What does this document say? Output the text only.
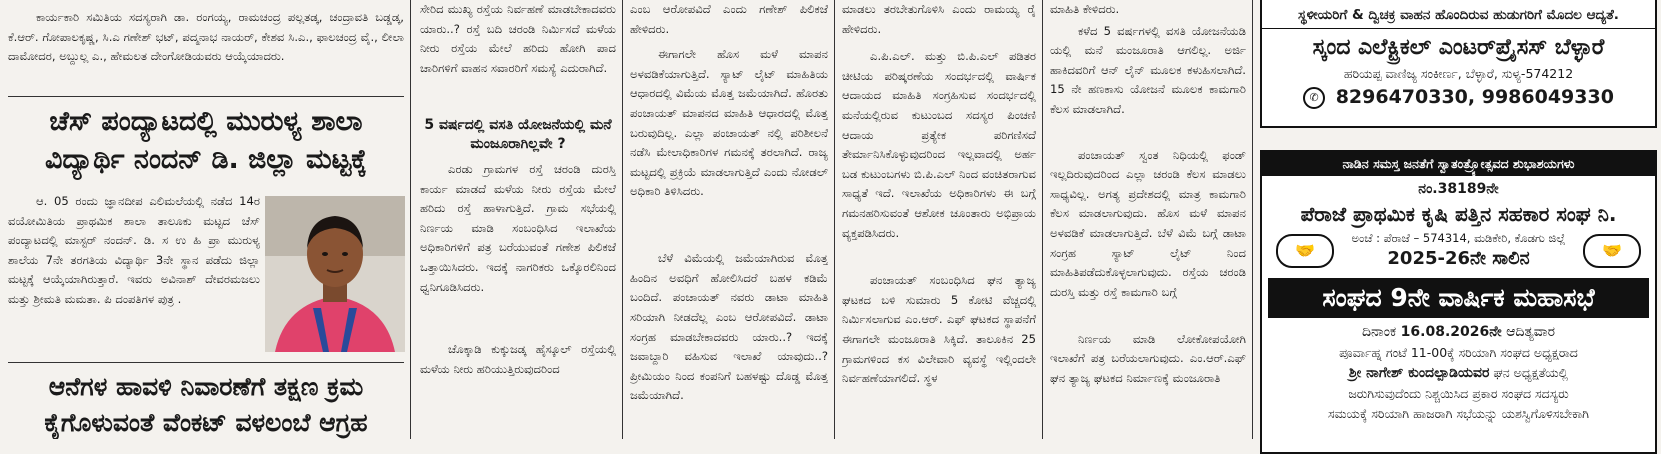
ಕಾರ್ಯಕಾರಿ ಸಮಿತಿಯ ಸದಸ್ಯರಾಗಿ ಡಾ. ರಂಗಯ್ಯ, ರಾಮಚಂದ್ರ ಪಲ್ಲತಡ್ಕ, ಚಂದ್ರಾವತಿ ಬಡ್ಡಡ್ಕ, ಕೆ.ಆರ್. ಗೋಪಾಲಕೃಷ್ಣ, ಸಿ.ಎ ಗಣೇಶ್ ಭಟ್, ಪದ್ಮನಾಭ ನಾಯರ್, ಕೇಶವ ಸಿ.ಎ., ಫಾಲಚಂದ್ರ ವೈ., ಲೀಲಾ ದಾಮೋದರ, ಅಬ್ದುಲ್ಲ ಎ., ಹೇಮಲತ ದೇಂಗೋಡಿಯವರು ಆಯ್ಕೆಯಾದರು.

ಚೆಸ್ ಪಂದ್ಯಾಟದಲ್ಲಿ ಮುರುಳ್ಯ ಶಾಲಾ

ವಿದ್ಯಾರ್ಥಿ ನಂದನ್ ಡಿ. ಜಿಲ್ಲಾ ಮಟ್ಟಕ್ಕೆ

ಆ. 05 ರಂದು ಜ್ಞಾನದೀಪ ಎಲಿಮಲೆಯಲ್ಲಿ ನಡೆದ 14ರ ವಯೋಮಿತಿಯ ಪ್ರಾಥಮಿಕ ಶಾಲಾ ತಾಲೂಕು ಮಟ್ಟದ ಚೆಸ್ ಪಂದ್ಯಾಟದಲ್ಲಿ ಮಾಸ್ಟರ್ ನಂದನ್. ಡಿ. ಸ ಉ ಹಿ ಪ್ರಾ ಮುರುಳ್ಯ ಶಾಲೆಯ 7ನೇ ತರಗತಿಯ ವಿದ್ಯಾರ್ಥಿ 3ನೇ ಸ್ಥಾನ ಪಡೆದು ಜಿಲ್ಲಾ ಮಟ್ಟಕ್ಕೆ ಆಯ್ಕೆಯಾಗಿರುತ್ತಾರೆ. ಇವರು ಅವಿನಾಶ್ ದೇವರಮಜಲು ಮತ್ತು ಶ್ರೀಮತಿ ಮಮತಾ. ಪಿ ದಂಪತಿಗಳ ಪುತ್ರ .

ಆನೆಗಳ ಹಾವಳಿ ನಿವಾರಣೆಗೆ ತಕ್ಷಣ ಕ್ರಮ

ಕೈಗೊಳುವಂತೆ ವೆಂಕಟ್ ವಳಲಂಬೆ ಆಗ್ರಹ

ಸೇರಿದ ಮುಖ್ಯ ರಸ್ತೆಯ ನಿರ್ವಹಣೆ ಮಾಡಬೇಕಾದವರು ಯಾರು..? ರಸ್ತೆ ಬದಿ ಚರಂಡಿ ನಿರ್ಮಿಸದೆ ಮಳೆಯ ನೀರು ರಸ್ತೆಯ ಮೇಲೆ ಹರಿದು ಹೋಗಿ ಪಾದ ಚಾರಿಗಳಿಗೆ ವಾಹನ ಸವಾರರಿಗೆ ಸಮಸ್ಯೆ ಎದುರಾಗಿದೆ.

5 ವರ್ಷದಲ್ಲಿ ವಸತಿ ಯೋಜನೆಯಲ್ಲಿ ಮನೆ ಮಂಜೂರಾಗಿಲ್ಲವೇ ?

ಎರಡು ಗ್ರಾಮಗಳ ರಸ್ತೆ ಚರಂಡಿ ದುರಸ್ತಿ ಕಾರ್ಯ ಮಾಡದೆ ಮಳೆಯ ನೀರು ರಸ್ತೆಯ ಮೇಲೆ ಹರಿದು ರಸ್ತೆ ಹಾಳಾಗುತ್ತಿದೆ. ಗ್ರಾಮ ಸಭೆಯಲ್ಲಿ ನಿರ್ಣಯ ಮಾಡಿ ಸಂಬಂಧಿಸಿದ ಇಲಾಖೆಯ ಅಧಿಕಾರಿಗಳಿಗೆ ಪತ್ರ ಬರೆಯುವಂತೆ ಗಣೇಶ ಪಿಲಿಕಜೆ ಒತ್ತಾಯಿಸಿದರು. ಇದಕ್ಕೆ ನಾಗರಿಕರು ಒಕ್ಕೊರಲಿನಿಂದ ಧ್ವನಿಗೂಡಿಸಿದರು.

ಚೊಕ್ಕಾಡಿ ಕುಕ್ಕುಜಡ್ಕ ಹೈಸ್ಕೂಲ್ ರಸ್ತೆಯಲ್ಲಿ ಮಳೆಯ ನೀರು ಹರಿಯುತ್ತಿರುವುದರಿಂದ

ಎಂಬ ಆರೋಪವಿದೆ ಎಂದು ಗಣೇಶ್ ಪಿಲಿಕಜೆ ಹೇಳಿದರು.

ಈಗಾಗಲೇ ಹೊಸ ಮಳೆ ಮಾಪನ ಅಳವಡಿಕೆಯಾಗುತ್ತಿದೆ. ಸ್ಯಾಟ್ ಲೈಟ್ ಮಾಹಿತಿಯ ಆಧಾರದಲ್ಲಿ ವಿಮೆಯ ಮೊತ್ತ ಜಮೆಯಾಗಿದೆ. ಹೊರತು ಪಂಚಾಯತ್ ಮಾಪನದ ಮಾಹಿತಿ ಆಧಾರದಲ್ಲಿ ಮೊತ್ತ ಬರುವುದಿಲ್ಲ. ಎಲ್ಲಾ ಪಂಚಾಯತ್ ನಲ್ಲಿ ಪರಿಶೀಲನೆ ನಡೆಸಿ ಮೇಲಾಧಿಕಾರಿಗಳ ಗಮನಕ್ಕೆ ತರಲಾಗಿದೆ. ರಾಜ್ಯ ಮಟ್ಟದಲ್ಲಿ ಪ್ರಕ್ರಿಯೆ ಮಾಡಲಾಗುತ್ತಿದೆ ಎಂದು ನೋಡಲ್ ಅಧಿಕಾರಿ ತಿಳಿಸಿದರು.

ಬೆಳೆ ವಿಮೆಯಲ್ಲಿ ಜಮೆಯಾಗಿರುವ ಮೊತ್ತ ಹಿಂದಿನ ಅವಧಿಗೆ ಹೋಲಿಸಿದರೆ ಬಹಳ ಕಡಿಮೆ ಬಂದಿದೆ. ಪಂಚಾಯತ್ ನವರು ಡಾಟಾ ಮಾಹಿತಿ ಸರಿಯಾಗಿ ನೀಡದೆಲ್ಲ ಎಂಬ ಆರೋಪವಿದೆ. ಡಾಟಾ ಸಂಗ್ರಹ ಮಾಡಬೇಕಾದವರು ಯಾರು..? ಇದಕ್ಕೆ ಜವಾಬ್ದಾರಿ ವಹಿಸುವ ಇಲಾಖೆ ಯಾವುದು..? ಪ್ರೀಮಿಯಂ ನಿಂದ ಕಂಪನಿಗೆ ಬಹಳಷ್ಟು ದೊಡ್ಡ ಮೊತ್ತ ಜಮೆಯಾಗಿದೆ.

ಮಾಡಲು ತರಬೇತುಗೊಳಿಸಿ ಎಂದು ರಾಮಯ್ಯ ರೈ ಹೇಳಿದರು.

ಎ.ಪಿ.ಎಲ್. ಮತ್ತು ಬಿ.ಪಿ.ಎಲ್ ಪಡಿತರ ಚೀಟಿಯ ಪರಿಷ್ಕರಣೆಯ ಸಂದರ್ಭದಲ್ಲಿ ವಾರ್ಷಿಕ ಆದಾಯದ ಮಾಹಿತಿ ಸಂಗ್ರಹಿಸುವ ಸಂದರ್ಭದಲ್ಲಿ ಮನೆಯಲ್ಲಿರುವ ಕುಟುಂಬದ ಸದಸ್ಯರ ಪಿಂಚಣಿ ಆದಾಯ ಪ್ರತ್ಯೇಕ ಪರಿಗಣಿಸದೆ ತೇರ್ಮಾನಿಸಿಕೊಳ್ಳುವುದರಿಂದ ಇಲ್ಲವಾದಲ್ಲಿ ಅರ್ಹ ಬಡ ಕುಟುಂಬಗಳು ಬಿ.ಪಿ.ಎಲ್ ನಿಂದ ವಂಚಿತರಾಗುವ ಸಾಧ್ಯತೆ ಇದೆ. ಇಲಾಖೆಯ ಅಧಿಕಾರಿಗಳು ಈ ಬಗ್ಗೆ ಗಮನಹರಿಸುವಂತೆ ಆಶೋಕ ಚೂಂತಾರು ಅಭಿಪ್ರಾಯ ವ್ಯಕ್ತಪಡಿಸಿದರು.

ಪಂಚಾಯತ್ ಸಂಬಂಧಿಸಿದ ಘನ ತ್ಯಾಜ್ಯ ಘಟಕದ ಬಳಿ ಸುಮಾರು 5 ಕೋಟಿ ವೆಚ್ಚದಲ್ಲಿ ನಿರ್ಮಿಸಲಾಗುವ ಎಂ.ಆರ್. ಎಫ್ ಘಟಕದ ಸ್ಥಾಪನೆಗೆ ಈಗಾಗಲೇ ಮಂಜೂರಾತಿ ಸಿಕ್ಕಿದೆ. ತಾಲೂಕಿನ 25 ಗ್ರಾಮಗಳಿಂದ ಕಸ ವಿಲೇವಾರಿ ವ್ಯವಸ್ಥೆ ಇಲ್ಲಿಂದಲೇ ನಿರ್ವಹಣೆಯಾಗಲಿದೆ. ಸ್ಥಳ

ಮಾಹಿತಿ ಕೇಳಿದರು.

ಕಳೆದ 5 ವರ್ಷಗಳಲ್ಲಿ ವಸತಿ ಯೋಜನೆಯಡಿ ಯಲ್ಲಿ ಮನೆ ಮಂಜೂರಾತಿ ಆಗಲಿಲ್ಲ. ಅರ್ಜಿ ಹಾಕಿದವರಿಗೆ ಆನ್ ಲೈನ್ ಮೂಲಕ ಕಳುಹಿಸಲಾಗಿದೆ. 15 ನೇ ಹಣಕಾಸು ಯೋಜನೆ ಮೂಲಕ ಕಾಮಗಾರಿ ಕೆಲಸ ಮಾಡಲಾಗಿದೆ.

ಪಂಚಾಯತ್ ಸ್ವಂತ ನಿಧಿಯಲ್ಲಿ ಫಂಡ್ ಇಲ್ಲದಿರುವುದರಿಂದ ಎಲ್ಲಾ ಚರಂಡಿ ಕೆಲಸ ಮಾಡಲು ಸಾಧ್ಯವಿಲ್ಲ. ಅಗತ್ಯ ಪ್ರದೇಶದಲ್ಲಿ ಮಾತ್ರ ಕಾಮಗಾರಿ ಕೆಲಸ ಮಾಡಲಾಗುವುದು. ಹೊಸ ಮಳೆ ಮಾಪನ ಅಳವಡಿಕೆ ಮಾಡಲಾಗುತ್ತಿದೆ. ಬೆಳೆ ವಿಮೆ ಬಗ್ಗೆ ಡಾಟಾ ಸಂಗ್ರಹ ಸ್ಯಾಟ್ ಲೈಟ್ ನಿಂದ ಮಾಹಿತಿಪಡೆದುಕೊಳ್ಳಲಾಗುವುದು. ರಸ್ತೆಯ ಚರಂಡಿ ದುರಸ್ತಿ ಮತ್ತು ರಸ್ತೆ ಕಾಮಗಾರಿ ಬಗ್ಗೆ

ನಿರ್ಣಯ ಮಾಡಿ ಲೋಕೋಪಯೋಗಿ ಇಲಾಖೆಗೆ ಪತ್ರ ಬರೆಯಲಾಗುವುದು. ಎಂ.ಆರ್.ಎಫ್ ಘನ ತ್ಯಾಜ್ಯ ಘಟಕದ ನಿರ್ಮಾಣಕ್ಕೆ ಮಂಜೂರಾತಿ

ಸ್ಥಳೀಯರಿಗೆ & ದ್ವಿಚಕ್ರ ವಾಹನ ಹೊಂದಿರುವ ಹುಡುಗರಿಗೆ ಮೊದಲ ಆದ್ಯತೆ.

ಸ್ಕಂದ ಎಲೆಕ್ಟ್ರಿಕಲ್ ಎಂಟರ್‌ಪ್ರೈಸಸ್ ಬೆಳ್ಳಾರೆ

ಹರಿಯಪ್ಪ ವಾಣಿಜ್ಯ ಸಂಕೀರ್ಣ, ಬೆಳ್ಳಾರೆ, ಸುಳ್ಯ-574212

✆ 8296470330, 9986049330

ನಾಡಿನ ಸಮಸ್ತ ಜನತೆಗೆ ಸ್ವಾತಂತ್ರ್ಯೋತ್ಸವದ ಶುಭಾಶಯಗಳು

ನಂ.38189ನೇ

ಪೆರಾಜೆ ಪ್ರಾಥಮಿಕ ಕೃಷಿ ಪತ್ತಿನ ಸಹಕಾರ ಸಂಘ ನಿ.

🤝

ಅಂಚೆ : ಪೆರಾಜೆ – 574314, ಮಡಿಕೇರಿ, ಕೊಡಗು ಜಿಲ್ಲೆ

2025-26ನೇ ಸಾಲಿನ	🤝

ಸಂಘದ 9ನೇ ವಾರ್ಷಿಕ ಮಹಾಸಭೆ

ದಿನಾಂಕ 16.08.2026ನೇ ಆದಿತ್ಯವಾರ

ಪೂರ್ವಾಹ್ನ ಗಂಟೆ 11-00ಕ್ಕೆ ಸರಿಯಾಗಿ ಸಂಘದ ಅಧ್ಯಕ್ಷರಾದ

ಶ್ರೀ ನಾಗೇಶ್ ಕುಂದಲ್ಪಾಡಿಯವರ ಘನ ಅಧ್ಯಕ್ಷತೆಯಲ್ಲಿ

ಜರುಗಿಸುವುದೆಂದು ನಿಶ್ಚಯಿಸಿದ ಪ್ರಕಾರ ಸಂಘದ ಸದಸ್ಯರು

ಸಮಯಕ್ಕೆ ಸರಿಯಾಗಿ ಹಾಜರಾಗಿ ಸಭೆಯನ್ನು ಯಶಸ್ವಿಗೊಳಿಸಬೇಕಾಗಿ
